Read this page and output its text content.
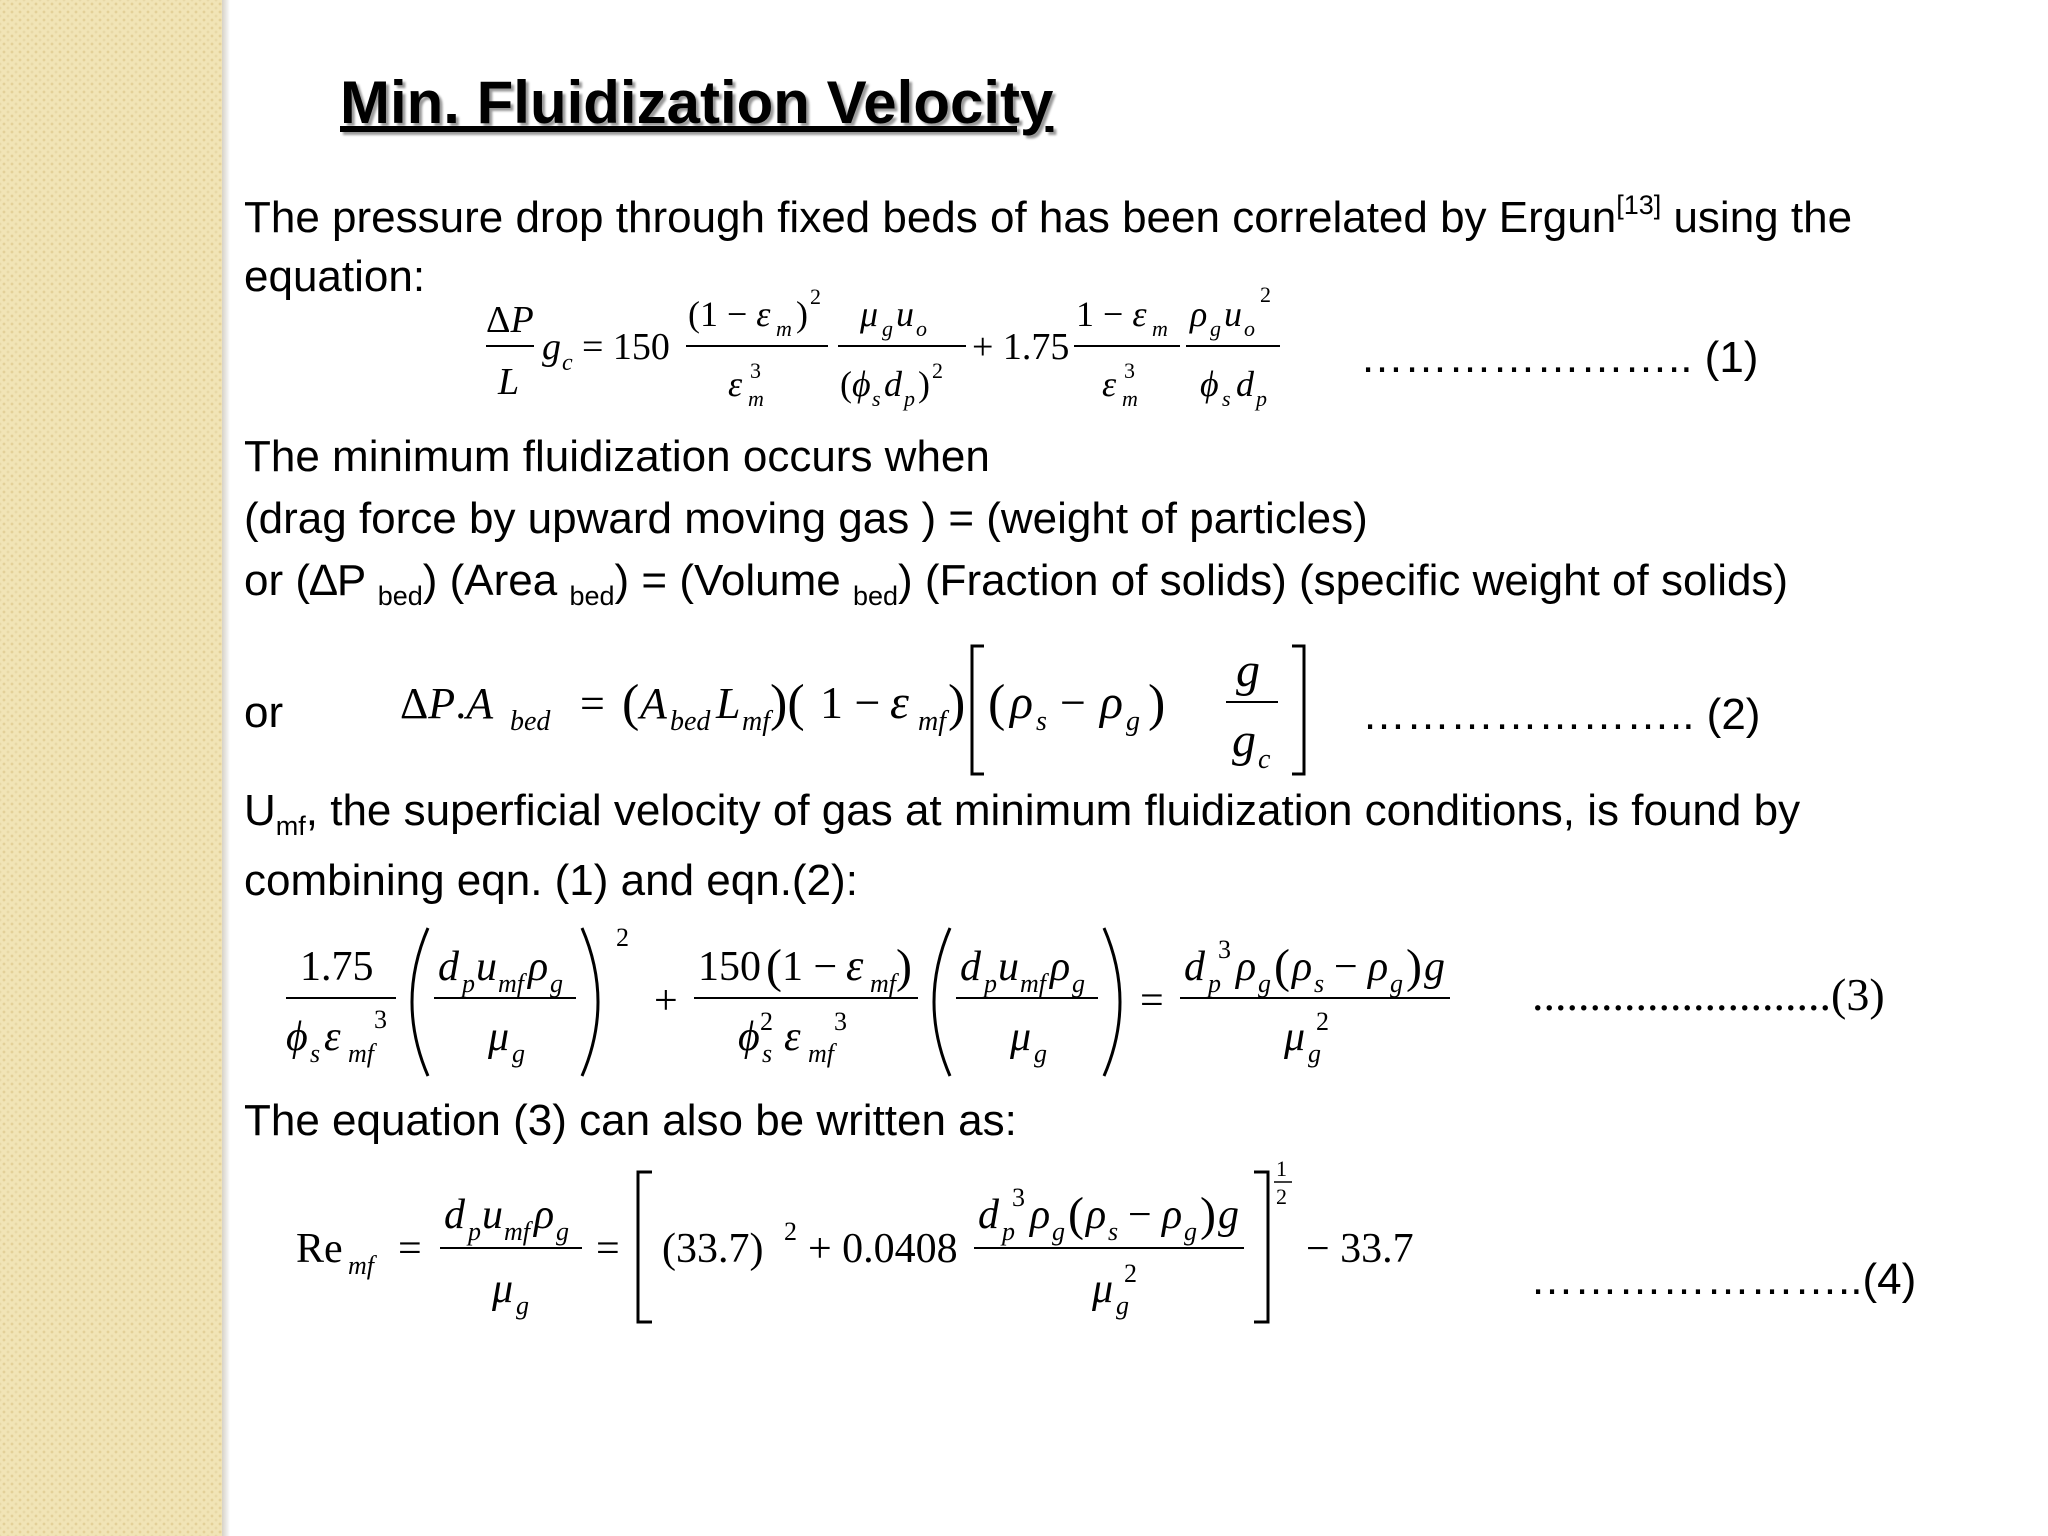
Min. Fluidization Velocity

The pressure drop through fixed beds of has been correlated by Ergun[13] using the

equation:

ΔP
L
g c = 150
(1 − ε m ) 2
ε m
3
μ g u o
(ϕ s d p ) 2
+ 1.75
1 − ε m
ε m
3
ρ g u o
2
ϕ s d p
………………….. (1)

The minimum fluidization occurs when

(drag force by upward moving gas ) = (weight of particles)

or (∆P $_{bed}$) (Area $_{bed}$) = (Volume $_{bed}$) (Fraction of solids) (specific weight of solids)

or	ΔP.A bed = ( A bed L mf )( 1 − ε mf ) ( ρ s − ρ g )
g
g c
………………….. (2)

$U_{mf}$, the superficial velocity of gas at minimum fluidization conditions, is found by

combining eqn. (1) and eqn.(2):

1.75
ϕ s ε mf
3
d p u mf ρ g
μ g
2
+
150 ( 1 − ε mf )
ϕ s
2 ε mf
3
d p u mf ρ g
μ g
=
d p
3 ρ g ( ρ s − ρ g ) g
μ g
2
..........................(3)

The equation (3) can also be written as:

Re mf =
d p u mf ρ g
μ g
= (33.7) 2 + 0.0408
d p
3 ρ g ( ρ s − ρ g ) g
μ g
2
1
2
− 33.7
…………………..(4)
